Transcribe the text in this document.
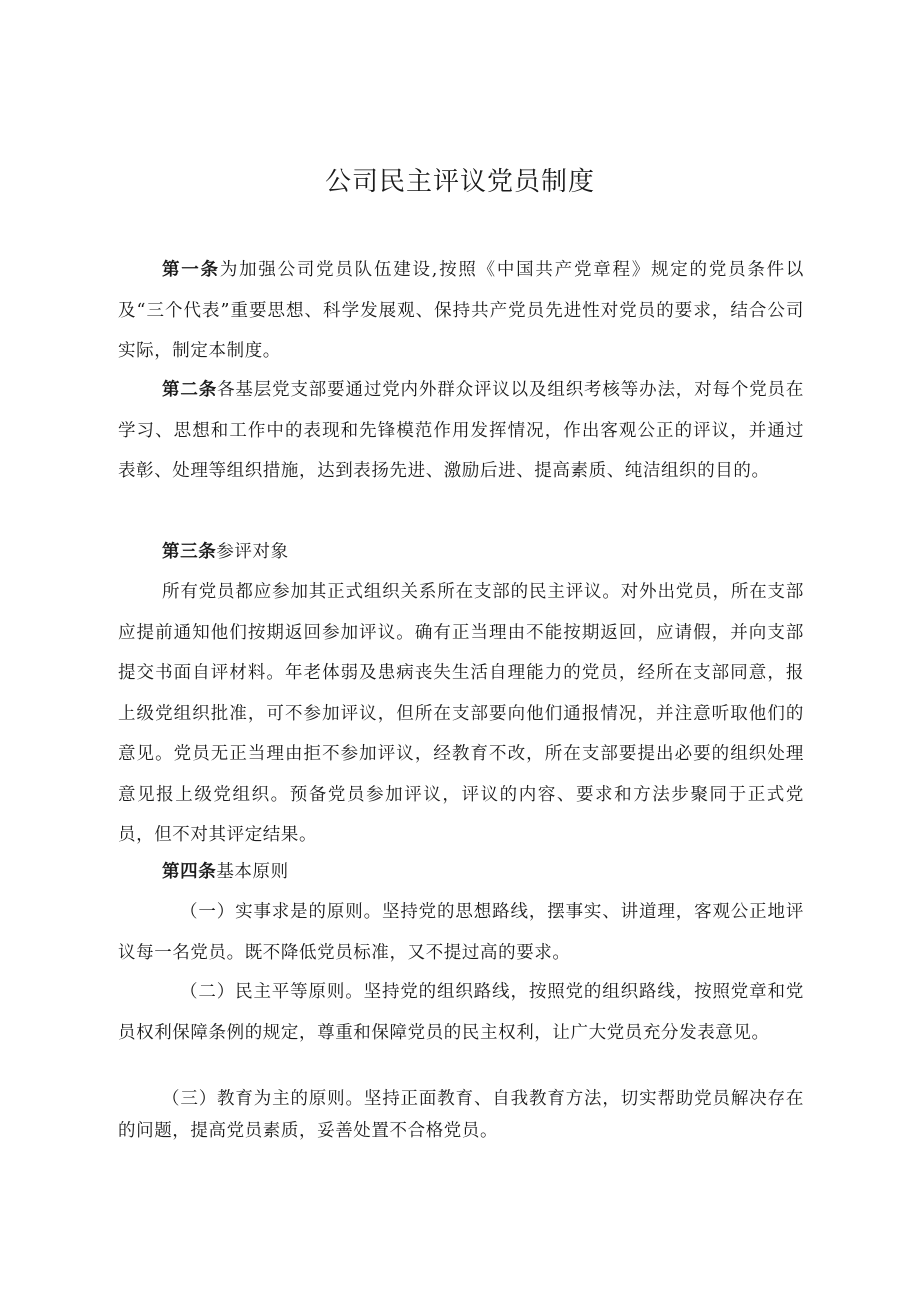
公司民主评议党员制度

第一条为加强公司党员队伍建设,按照《中国共产党章程》规定的党员条件以及“三个代表”重要思想、科学发展观、保持共产党员先进性对党员的要求，结合公司实际，制定本制度。

第二条各基层党支部要通过党内外群众评议以及组织考核等办法，对每个党员在学习、思想和工作中的表现和先锋模范作用发挥情况，作出客观公正的评议，并通过表彰、处理等组织措施，达到表扬先进、激励后进、提高素质、纯洁组织的目的。

第三条参评对象

所有党员都应参加其正式组织关系所在支部的民主评议。对外出党员，所在支部应提前通知他们按期返回参加评议。确有正当理由不能按期返回，应请假，并向支部提交书面自评材料。年老体弱及患病丧失生活自理能力的党员，经所在支部同意，报上级党组织批准，可不参加评议，但所在支部要向他们通报情况，并注意听取他们的意见。党员无正当理由拒不参加评议，经教育不改，所在支部要提出必要的组织处理意见报上级党组织。预备党员参加评议，评议的内容、要求和方法步聚同于正式党员，但不对其评定结果。

第四条基本原则

（一）实事求是的原则。坚持党的思想路线，摆事实、讲道理，客观公正地评议每一名党员。既不降低党员标准，又不提过高的要求。

（二）民主平等原则。坚持党的组织路线，按照党的组织路线，按照党章和党员权利保障条例的规定，尊重和保障党员的民主权利，让广大党员充分发表意见。

（三）教育为主的原则。坚持正面教育、自我教育方法，切实帮助党员解决存在的问题，提高党员素质，妥善处置不合格党员。
